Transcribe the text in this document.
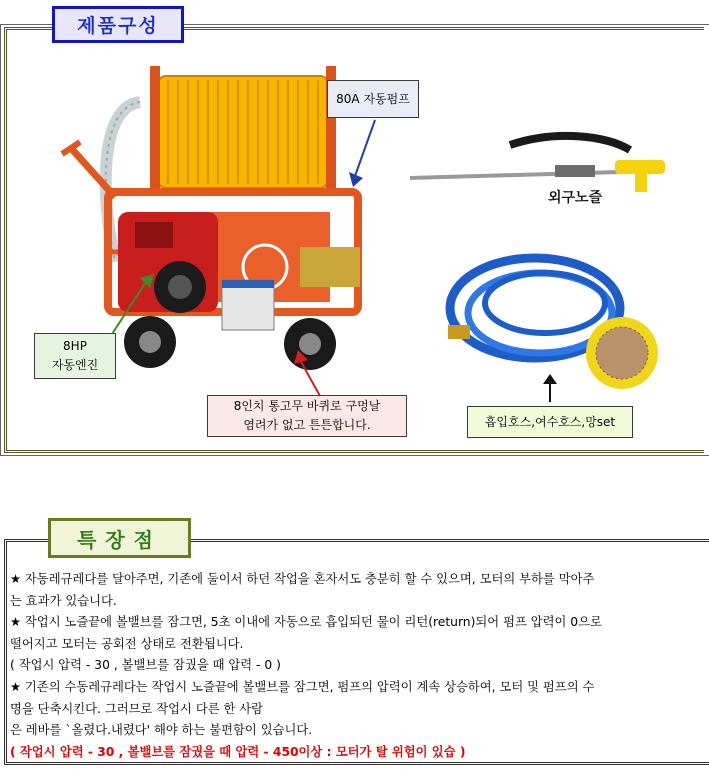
제품구성
80A 자동펌프
8HP
자동엔진
8인치 통고무 바퀴로 구멍날
염려가 없고 튼튼합니다.
외구노즐
흡입호스,여수호스,망set
특장점
★ 자동레규레다를 달아주면, 기존에 둘이서 하던 작업을 혼자서도 충분히 할 수 있으며, 모터의 부하를 막아주
는 효과가 있습니다.
★ 작업시 노즐끝에 볼밸브를 잠그면, 5초 이내에 자동으로 흡입되던 물이 리턴(return)되어 펌프 압력이 0으로
떨어지고 모터는 공회전 상태로 전환됩니다.
( 작업시 압력 - 30 , 볼밸브를 잠궜을 때 압력 - 0 )
★ 기존의 수동레규레다는 작업시 노즐끝에 볼밸브를 잠그면, 펌프의 압력이 계속 상승하여, 모터 및 펌프의 수
명을 단축시킨다. 그러므로 작업시 다른 한 사람
은 레바를 `올렸다.내렸다' 해야 하는 불편함이 있습니다.
( 작업시 압력 - 30 , 볼밸브를 잠궜을 때 압력 - 450이상 : 모터가 탈 위험이 있습 )
